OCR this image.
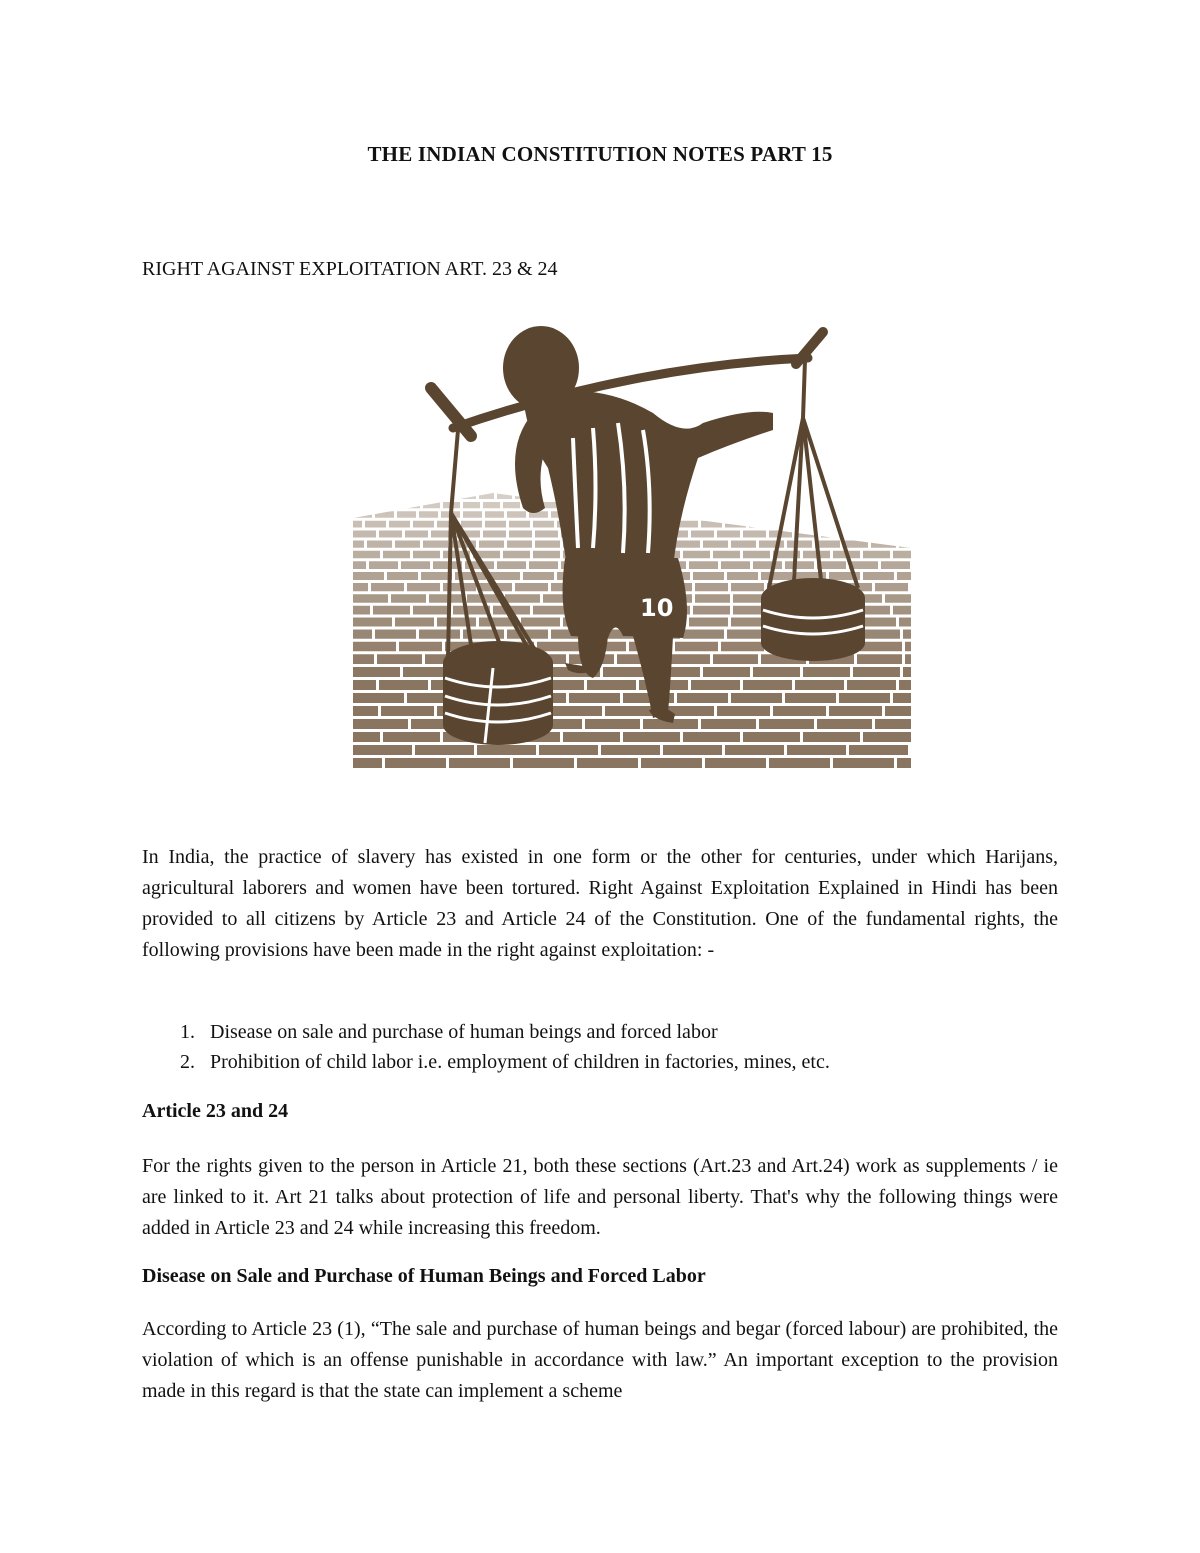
THE INDIAN CONSTITUTION NOTES PART 15
RIGHT AGAINST EXPLOITATION ART. 23 & 24
10

In India, the practice of slavery has existed in one form or the other for centuries, under which Harijans, agricultural laborers and women have been tortured. Right Against Exploitation Explained in Hindi has been provided to all citizens by Article 23 and Article 24 of the Constitution. One of the fundamental rights, the following provisions have been made in the right against exploitation: -

1. Disease on sale and purchase of human beings and forced labor
2. Prohibition of child labor i.e. employment of children in factories, mines, etc.
Article 23 and 24

For the rights given to the person in Article 21, both these sections (Art.23 and Art.24) work as supplements / ie are linked to it. Art 21 talks about protection of life and personal liberty. That's why the following things were added in Article 23 and 24 while increasing this freedom.

Disease on Sale and Purchase of Human Beings and Forced Labor

According to Article 23 (1), “The sale and purchase of human beings and begar (forced labour) are prohibited, the violation of which is an offense punishable in accordance with law.” An important exception to the provision made in this regard is that the state can implement a scheme
